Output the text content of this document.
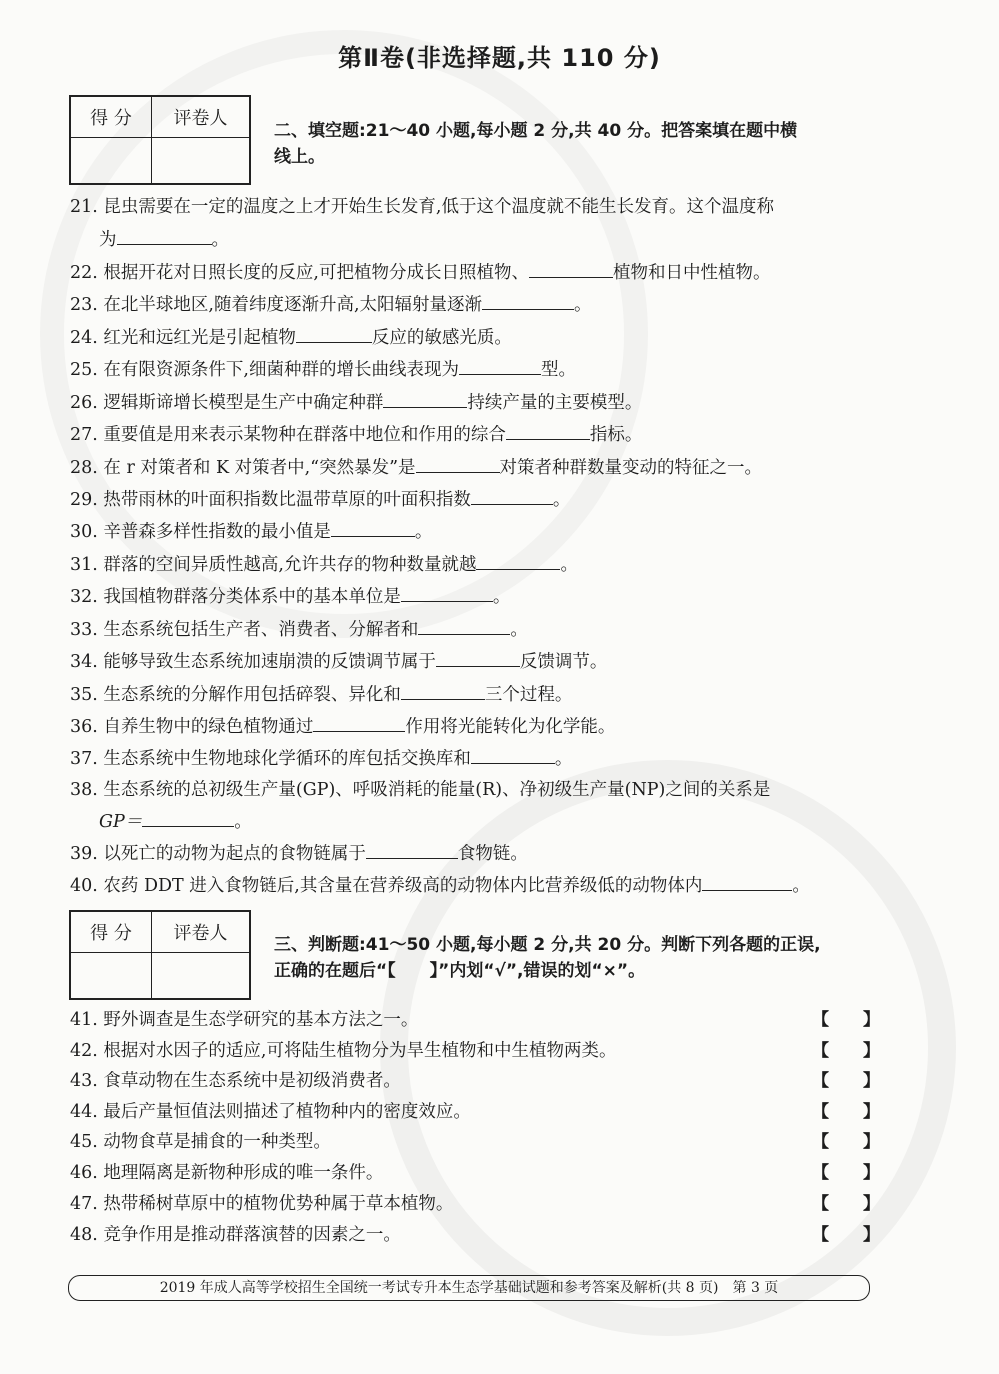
第Ⅱ卷(非选择题,共 110 分)
得 分	评卷人

二、填空题:21～40 小题,每小题 2 分,共 40 分。把答案填在题中横
线上。
21. 昆虫需要在一定的温度之上才开始生长发育,低于这个温度就不能生长发育。这个温度称
为	。
22. 根据开花对日照长度的反应,可把植物分成长日照植物、	植物和日中性植物。
23. 在北半球地区,随着纬度逐渐升高,太阳辐射量逐渐	。
24. 红光和远红光是引起植物	反应的敏感光质。
25. 在有限资源条件下,细菌种群的增长曲线表现为	型。
26. 逻辑斯谛增长模型是生产中确定种群	持续产量的主要模型。
27. 重要值是用来表示某物种在群落中地位和作用的综合	指标。
28. 在 r 对策者和 K 对策者中,“突然暴发”是	对策者种群数量变动的特征之一。
29. 热带雨林的叶面积指数比温带草原的叶面积指数	。
30. 辛普森多样性指数的最小值是	。
31. 群落的空间异质性越高,允许共存的物种数量就越	。
32. 我国植物群落分类体系中的基本单位是	。
33. 生态系统包括生产者、消费者、分解者和	。
34. 能够导致生态系统加速崩溃的反馈调节属于	反馈调节。
35. 生态系统的分解作用包括碎裂、异化和	三个过程。
36. 自养生物中的绿色植物通过	作用将光能转化为化学能。
37. 生态系统中生物地球化学循环的库包括交换库和	。
38. 生态系统的总初级生产量(GP)、呼吸消耗的能量(R)、净初级生产量(NP)之间的关系是
GP＝	。
39. 以死亡的动物为起点的食物链属于	食物链。
40. 农药 DDT 进入食物链后,其含量在营养级高的动物体内比营养级低的动物体内	。
得 分	评卷人

三、判断题:41～50 小题,每小题 2 分,共 20 分。判断下列各题的正误,
正确的在题后“【　　】”内划“√”,错误的划“×”。
41. 野外调查是生态学研究的基本方法之一。	【　　】
42. 根据对水因子的适应,可将陆生植物分为旱生植物和中生植物两类。	【　　】
43. 食草动物在生态系统中是初级消费者。	【　　】
44. 最后产量恒值法则描述了植物种内的密度效应。	【　　】
45. 动物食草是捕食的一种类型。	【　　】
46. 地理隔离是新物种形成的唯一条件。	【　　】
47. 热带稀树草原中的植物优势种属于草本植物。	【　　】
48. 竞争作用是推动群落演替的因素之一。	【　　】
2019 年成人高等学校招生全国统一考试专升本生态学基础试题和参考答案及解析(共 8 页)　第 3 页
